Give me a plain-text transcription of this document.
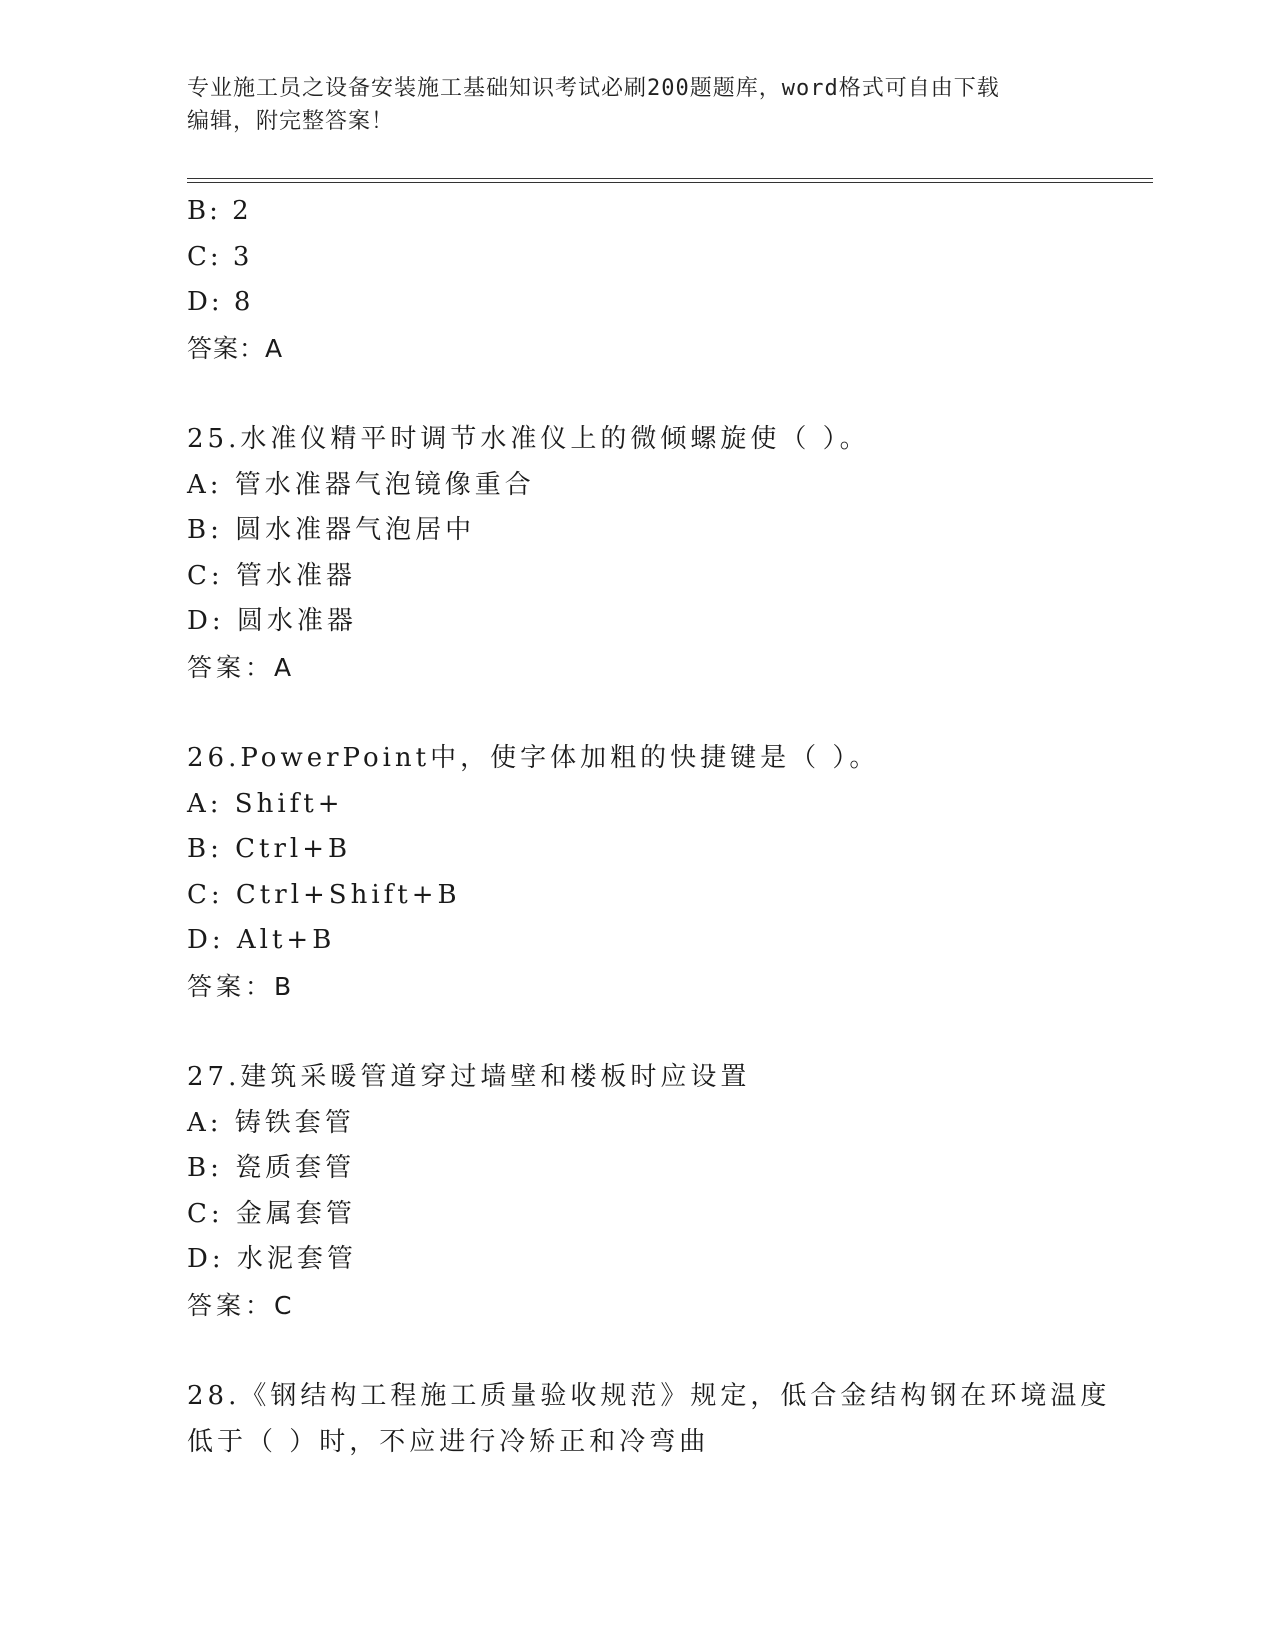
专业施工员之设备安装施工基础知识考试必刷200题题库，word格式可自由下载
编辑，附完整答案！
B: 2
C: 3
D: 8
答案：A
25.水准仪精平时调节水准仪上的微倾螺旋使（ ）。
A: 管水准器气泡镜像重合
B: 圆水准器气泡居中
C: 管水准器
D: 圆水准器
答案：A
26.PowerPoint中，使字体加粗的快捷键是（ ）。
A: Shift+
B: Ctrl+B
C: Ctrl+Shift+B
D: Alt+B
答案：B
27.建筑采暖管道穿过墙壁和楼板时应设置
A: 铸铁套管
B: 瓷质套管
C: 金属套管
D: 水泥套管
答案：C
28.《钢结构工程施工质量验收规范》规定，低合金结构钢在环境温度
低于（ ）时，不应进行冷矫正和冷弯曲
